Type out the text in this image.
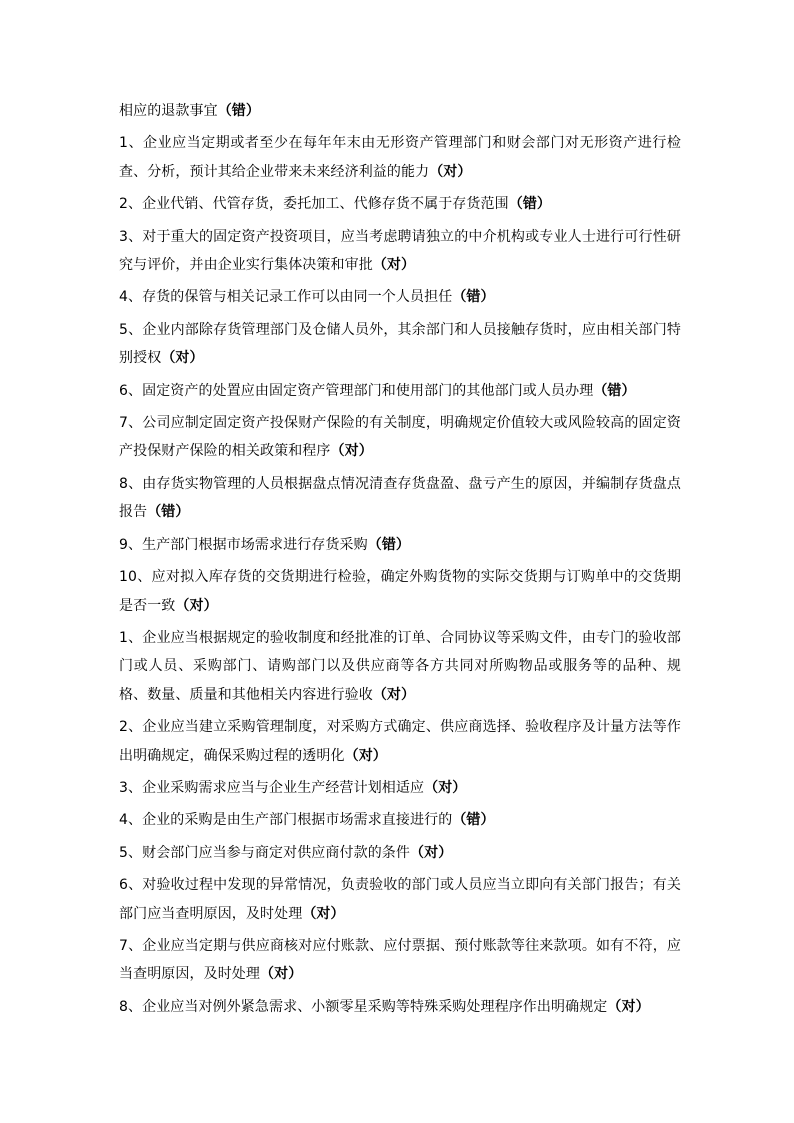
相应的退款事宜（错）

1、企业应当定期或者至少在每年年末由无形资产管理部门和财会部门对无形资产进行检查、分析，预计其给企业带来未来经济利益的能力（对）

2、企业代销、代管存货，委托加工、代修存货不属于存货范围（错）

3、对于重大的固定资产投资项目，应当考虑聘请独立的中介机构或专业人士进行可行性研究与评价，并由企业实行集体决策和审批（对）

4、存货的保管与相关记录工作可以由同一个人员担任（错）

5、企业内部除存货管理部门及仓储人员外，其余部门和人员接触存货时，应由相关部门特别授权（对）

6、固定资产的处置应由固定资产管理部门和使用部门的其他部门或人员办理（错）

7、公司应制定固定资产投保财产保险的有关制度，明确规定价值较大或风险较高的固定资产投保财产保险的相关政策和程序（对）

8、由存货实物管理的人员根据盘点情况清查存货盘盈、盘亏产生的原因，并编制存货盘点报告（错）

9、生产部门根据市场需求进行存货采购（错）

10、应对拟入库存货的交货期进行检验，确定外购货物的实际交货期与订购单中的交货期是否一致（对）

1、企业应当根据规定的验收制度和经批准的订单、合同协议等采购文件，由专门的验收部门或人员、采购部门、请购部门以及供应商等各方共同对所购物品或服务等的品种、规格、数量、质量和其他相关内容进行验收（对）

2、企业应当建立采购管理制度，对采购方式确定、供应商选择、验收程序及计量方法等作出明确规定，确保采购过程的透明化（对）

3、企业采购需求应当与企业生产经营计划相适应（对）

4、企业的采购是由生产部门根据市场需求直接进行的（错）

5、财会部门应当参与商定对供应商付款的条件（对）

6、对验收过程中发现的异常情况，负责验收的部门或人员应当立即向有关部门报告；有关部门应当查明原因，及时处理（对）

7、企业应当定期与供应商核对应付账款、应付票据、预付账款等往来款项。如有不符，应当查明原因，及时处理（对）

8、企业应当对例外紧急需求、小额零星采购等特殊采购处理程序作出明确规定（对）
